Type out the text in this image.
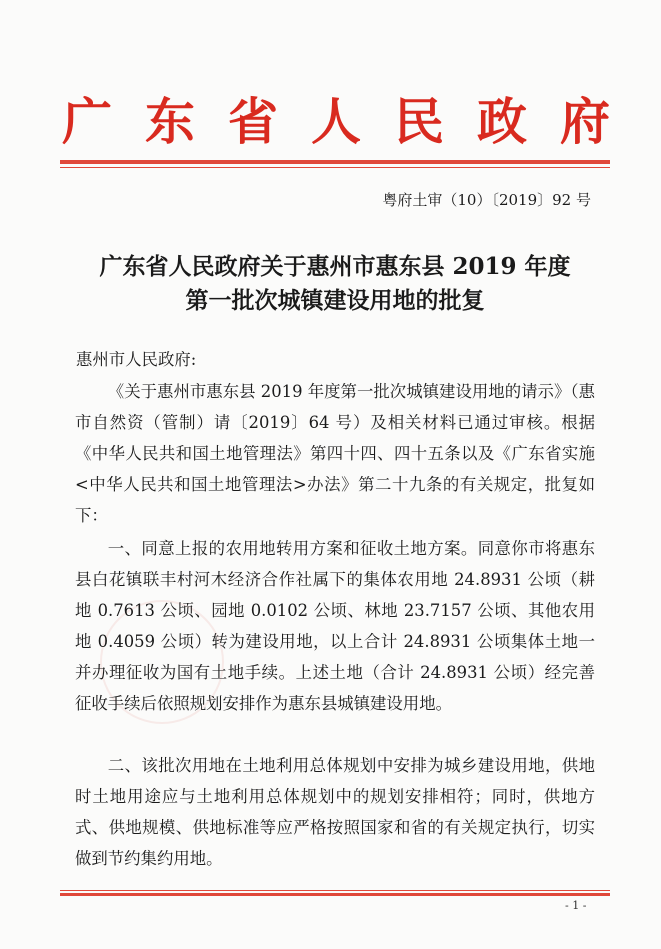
广 东 省 人 民 政 府
粤府土审（10）〔2019〕92 号
广东省人民政府关于惠州市惠东县 2019 年度
第一批次城镇建设用地的批复
惠州市人民政府:

《关于惠州市惠东县 2019 年度第一批次城镇建设用地的请示》（惠市自然资（管制）请〔2019〕64 号）及相关材料已通过审核。根据《中华人民共和国土地管理法》第四十四、四十五条以及《广东省实施<中华人民共和国土地管理法>办法》第二十九条的有关规定，批复如下：

一、同意上报的农用地转用方案和征收土地方案。同意你市将惠东县白花镇联丰村河木经济合作社属下的集体农用地 24.8931 公顷（耕地 0.7613 公顷、园地 0.0102 公顷、林地 23.7157 公顷、其他农用地 0.4059 公顷）转为建设用地，以上合计 24.8931 公顷集体土地一并办理征收为国有土地手续。上述土地（合计 24.8931 公顷）经完善征收手续后依照规划安排作为惠东县城镇建设用地。

二、该批次用地在土地利用总体规划中安排为城乡建设用地，供地时土地用途应与土地利用总体规划中的规划安排相符；同时，供地方式、供地规模、供地标准等应严格按照国家和省的有关规定执行，切实做到节约集约用地。

- 1 -
